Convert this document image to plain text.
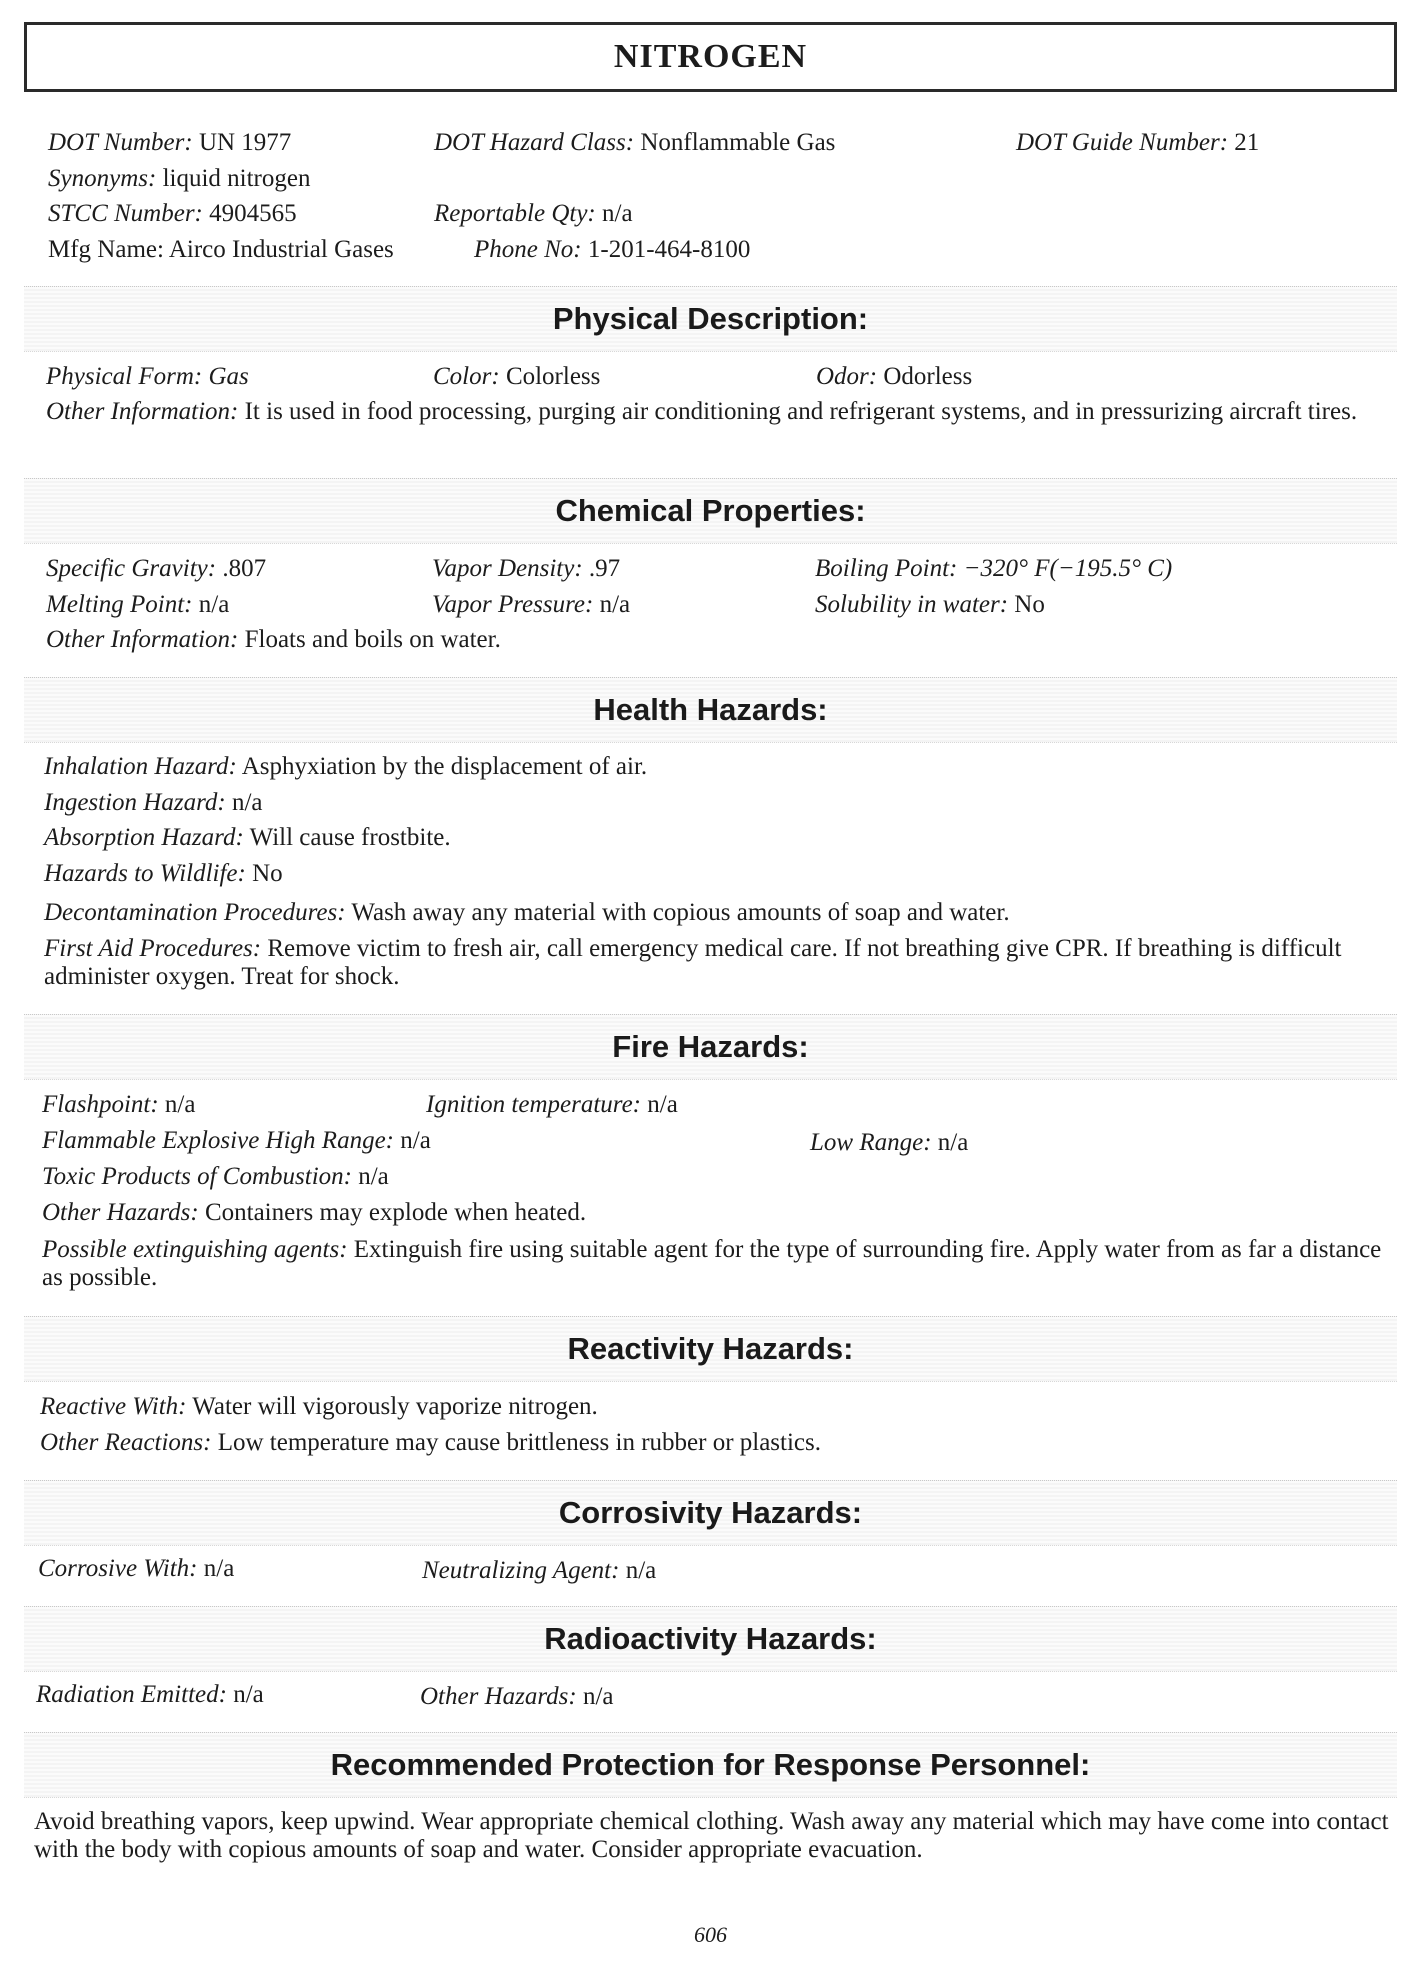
NITROGEN
DOT Number: UN 1977	DOT Hazard Class: Nonflammable Gas	DOT Guide Number: 21
Synonyms: liquid nitrogen
STCC Number: 4904565	Reportable Qty: n/a
Mfg Name: Airco Industrial Gases	Phone No: 1-201-464-8100
Physical Description:
Physical Form: Gas	Color: Colorless	Odor: Odorless
Other Information: It is used in food processing, purging air conditioning and refrigerant systems, and in pressurizing aircraft tires.
Chemical Properties:
Specific Gravity: .807	Vapor Density: .97	Boiling Point: −320° F(−195.5° C)
Melting Point: n/a	Vapor Pressure: n/a	Solubility in water: No
Other Information: Floats and boils on water.
Health Hazards:
Inhalation Hazard: Asphyxiation by the displacement of air.
Ingestion Hazard: n/a
Absorption Hazard: Will cause frostbite.
Hazards to Wildlife: No
Decontamination Procedures: Wash away any material with copious amounts of soap and water.
First Aid Procedures: Remove victim to fresh air, call emergency medical care. If not breathing give CPR. If breathing is difficult administer oxygen. Treat for shock.
Fire Hazards:
Flashpoint: n/a	Ignition temperature: n/a
Flammable Explosive High Range: n/a	Low Range: n/a
Toxic Products of Combustion: n/a
Other Hazards: Containers may explode when heated.
Possible extinguishing agents: Extinguish fire using suitable agent for the type of surrounding fire. Apply water from as far a distance as possible.
Reactivity Hazards:
Reactive With: Water will vigorously vaporize nitrogen.
Other Reactions: Low temperature may cause brittleness in rubber or plastics.
Corrosivity Hazards:
Corrosive With: n/a	Neutralizing Agent: n/a
Radioactivity Hazards:
Radiation Emitted: n/a	Other Hazards: n/a
Recommended Protection for Response Personnel:
Avoid breathing vapors, keep upwind. Wear appropriate chemical clothing. Wash away any material which may have come into contact with the body with copious amounts of soap and water. Consider appropriate evacuation.
606
